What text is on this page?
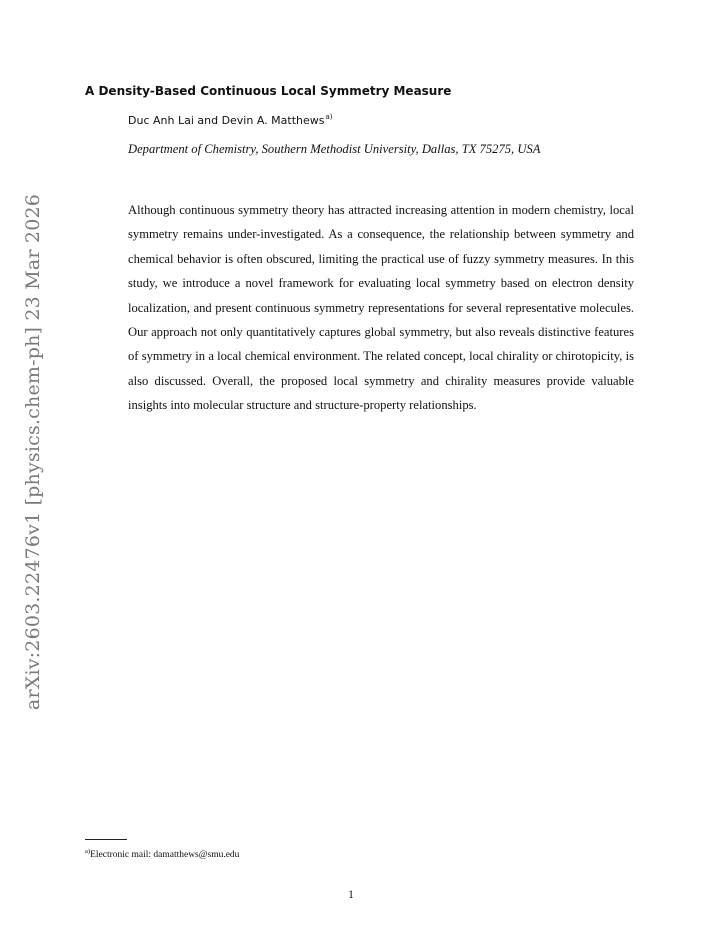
arXiv:2603.22476v1 [physics.chem-ph] 23 Mar 2026
A Density-Based Continuous Local Symmetry Measure
Duc Anh Lai and Devin A. Matthews$^{a)}$
Department of Chemistry, Southern Methodist University, Dallas, TX 75275, USA

Although continuous symmetry theory has attracted increasing attention in modern chemistry, local symmetry remains under-investigated. As a consequence, the relationship between symmetry and chemical behavior is often obscured, limiting the practical use of fuzzy symmetry measures. In this study, we introduce a novel framework for evaluating local symmetry based on electron density localization, and present continuous symmetry representations for several representative molecules. Our approach not only quantitatively captures global symmetry, but also reveals distinctive features of symmetry in a local chemical environment. The related concept, local chirality or chirotopicity, is also discussed. Overall, the proposed local symmetry and chirality measures provide valuable insights into molecular structure and structure-property relationships.

$^{a)}$Electronic mail: damatthews@smu.edu
1
